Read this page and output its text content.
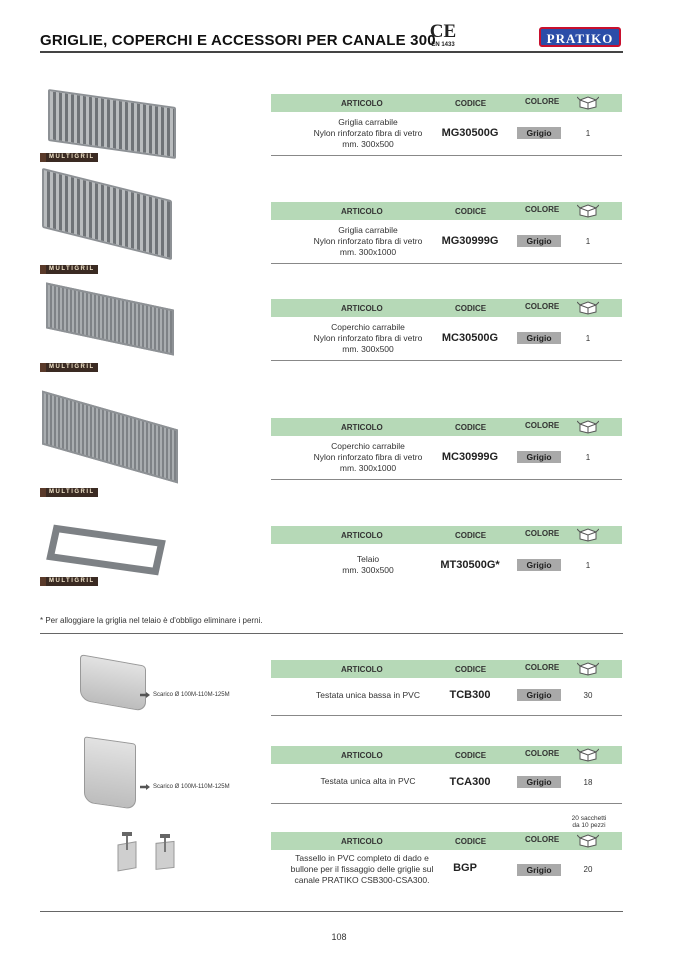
GRIGLIE, COPERCHI E ACCESSORI PER CANALE 300
CE
EN 1433	PRATIKO
MULTIGRIL
ARTICOLO	CODICE	COLORE
Griglia carrabile
Nylon rinforzato fibra di vetro
mm. 300x500
MG30500G	Grigio	1
MULTIGRIL
ARTICOLO	CODICE	COLORE
Griglia carrabile
Nylon rinforzato fibra di vetro
mm. 300x1000
MG30999G	Grigio	1
MULTIGRIL
ARTICOLO	CODICE	COLORE
Coperchio carrabile
Nylon rinforzato fibra di vetro
mm. 300x500
MC30500G	Grigio	1
MULTIGRIL
ARTICOLO	CODICE	COLORE
Coperchio carrabile
Nylon rinforzato fibra di vetro
mm. 300x1000
MC30999G	Grigio	1
MULTIGRIL
ARTICOLO	CODICE	COLORE
Telaio
mm. 300x500	MT30500G*	Grigio	1
* Per alloggiare la griglia nel telaio è d'obbligo eliminare i perni.
Scarico Ø 100M-110M-125M
ARTICOLO	CODICE	COLORE
Testata unica bassa in PVC	TCB300	Grigio	30
Scarico Ø 100M-110M-125M
ARTICOLO	CODICE	COLORE
Testata unica alta in PVC	TCA300	Grigio	18
20 sacchetti
da 10 pezzi
ARTICOLO	CODICE	COLORE
Tassello in PVC completo di dado e
bullone per il fissaggio delle griglie sul
canale PRATIKO CSB300-CSA300.
BGP	Grigio	20
108
